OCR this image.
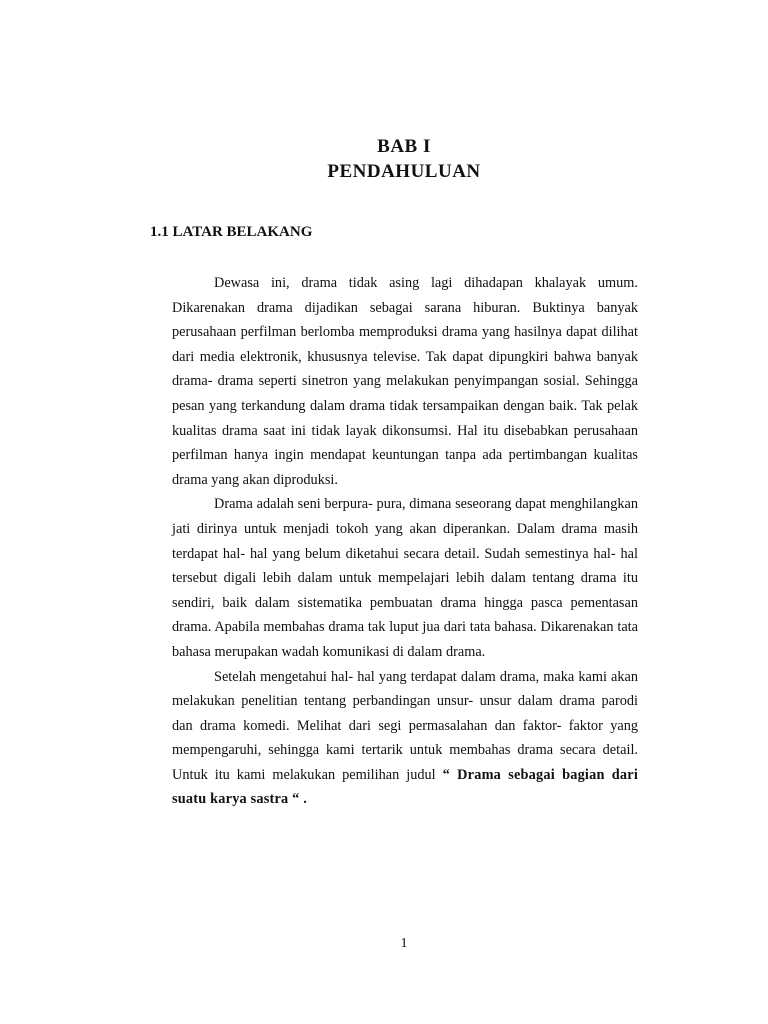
BAB I
PENDAHULUAN
1.1 LATAR BELAKANG

Dewasa ini, drama tidak asing lagi dihadapan khalayak umum. Dikarenakan drama dijadikan sebagai sarana hiburan. Buktinya banyak perusahaan perfilman berlomba memproduksi drama yang hasilnya dapat dilihat dari media elektronik, khususnya televise. Tak dapat dipungkiri bahwa banyak drama- drama seperti sinetron yang melakukan penyimpangan sosial. Sehingga pesan yang terkandung dalam drama tidak tersampaikan dengan baik. Tak pelak kualitas drama saat ini tidak layak dikonsumsi. Hal itu disebabkan perusahaan perfilman hanya ingin mendapat keuntungan tanpa ada pertimbangan kualitas drama yang akan diproduksi.

Drama adalah seni berpura- pura, dimana seseorang dapat menghilangkan jati dirinya untuk menjadi tokoh yang akan diperankan. Dalam drama masih terdapat hal- hal yang belum diketahui secara detail. Sudah semestinya hal- hal tersebut digali lebih dalam untuk mempelajari lebih dalam tentang drama itu sendiri, baik dalam sistematika pembuatan drama hingga pasca pementasan drama. Apabila membahas drama tak luput jua dari tata bahasa. Dikarenakan tata bahasa merupakan wadah komunikasi di dalam drama.

Setelah mengetahui hal- hal yang terdapat dalam drama, maka kami akan melakukan penelitian tentang perbandingan unsur- unsur dalam drama parodi dan drama komedi. Melihat dari segi permasalahan dan faktor- faktor yang mempengaruhi, sehingga kami tertarik untuk membahas drama secara detail. Untuk itu kami melakukan pemilihan judul “ Drama sebagai bagian dari suatu karya sastra “ .

1
